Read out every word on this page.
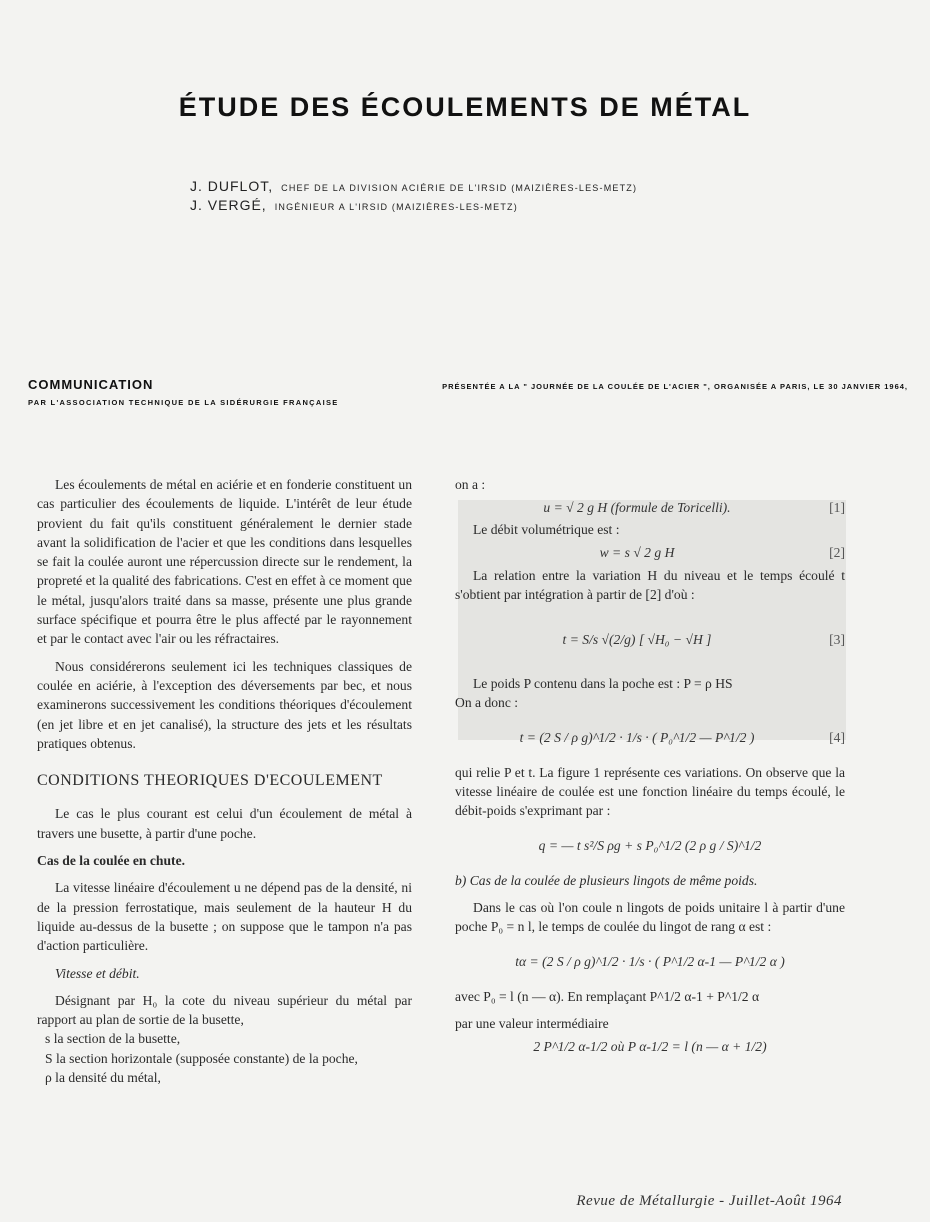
ÉTUDE DES ÉCOULEMENTS DE MÉTAL
J. DUFLOT, CHEF DE LA DIVISION ACIÉRIE DE L'IRSID (MAIZIÈRES-LES-METZ)
J. VERGÉ, INGÉNIEUR A L'IRSID (MAIZIÈRES-LES-METZ)
COMMUNICATION	PRÉSENTÉE A LA " JOURNÉE DE LA COULÉE DE L'ACIER ", ORGANISÉE A PARIS, LE 30 JANVIER 1964,
PAR L'ASSOCIATION TECHNIQUE DE LA SIDÉRURGIE FRANÇAISE

Les écoulements de métal en aciérie et en fonderie constituent un cas particulier des écoulements de liquide. L'intérêt de leur étude provient du fait qu'ils constituent généralement le dernier stade avant la solidification de l'acier et que les conditions dans lesquelles se fait la coulée auront une répercussion directe sur le rendement, la propreté et la qualité des fabrications. C'est en effet à ce moment que le métal, jusqu'alors traité dans sa masse, présente une plus grande surface spécifique et pourra être le plus affecté par le rayonnement et par le contact avec l'air ou les réfractaires.

Nous considérerons seulement ici les techniques classiques de coulée en aciérie, à l'exception des déversements par bec, et nous examinerons successivement les conditions théoriques d'écoulement (en jet libre et en jet canalisé), la structure des jets et les résultats pratiques obtenus.

CONDITIONS THEORIQUES D'ECOULEMENT

Le cas le plus courant est celui d'un écoulement de métal à travers une busette, à partir d'une poche.

Cas de la coulée en chute.

La vitesse linéaire d'écoulement u ne dépend pas de la densité, ni de la pression ferrostatique, mais seulement de la hauteur H du liquide au-dessus de la busette ; on suppose que le tampon n'a pas d'action particulière.

Vitesse et débit.

Désignant par H₀ la cote du niveau supérieur du métal par rapport au plan de sortie de la busette,

s la section de la busette,

S la section horizontale (supposée constante) de la poche,

ρ la densité du métal,

on a :

u = √ 2 g H (formule de Toricelli).	[1]

Le débit volumétrique est :

w = s √ 2 g H	[2]

La relation entre la variation H du niveau et le temps écoulé t s'obtient par intégration à partir de [2] d'où :

t = S/s √(2/g) [ √H₀ − √H ]	[3]

Le poids P contenu dans la poche est : P = ρ HS

On a donc :

t = (2 S / ρ g)^1/2 · 1/s · ( P₀^1/2 — P^1/2 )	[4]

qui relie P et t. La figure 1 représente ces variations. On observe que la vitesse linéaire de coulée est une fonction linéaire du temps écoulé, le débit-poids s'exprimant par :

q = — t s²/S ρg + s P₀^1/2 (2 ρ g / S)^1/2

b) Cas de la coulée de plusieurs lingots de même poids.

Dans le cas où l'on coule n lingots de poids unitaire l à partir d'une poche P₀ = n l, le temps de coulée du lingot de rang α est :

tα = (2 S / ρ g)^1/2 · 1/s · ( P^1/2 α-1 — P^1/2 α )

avec P₀ = l (n — α). En remplaçant P^1/2 α-1 + P^1/2 α

par une valeur intermédiaire

2 P^1/2 α-1/2 où P α-1/2 = l (n — α + 1/2)
Revue de Métallurgie - Juillet-Août 1964
